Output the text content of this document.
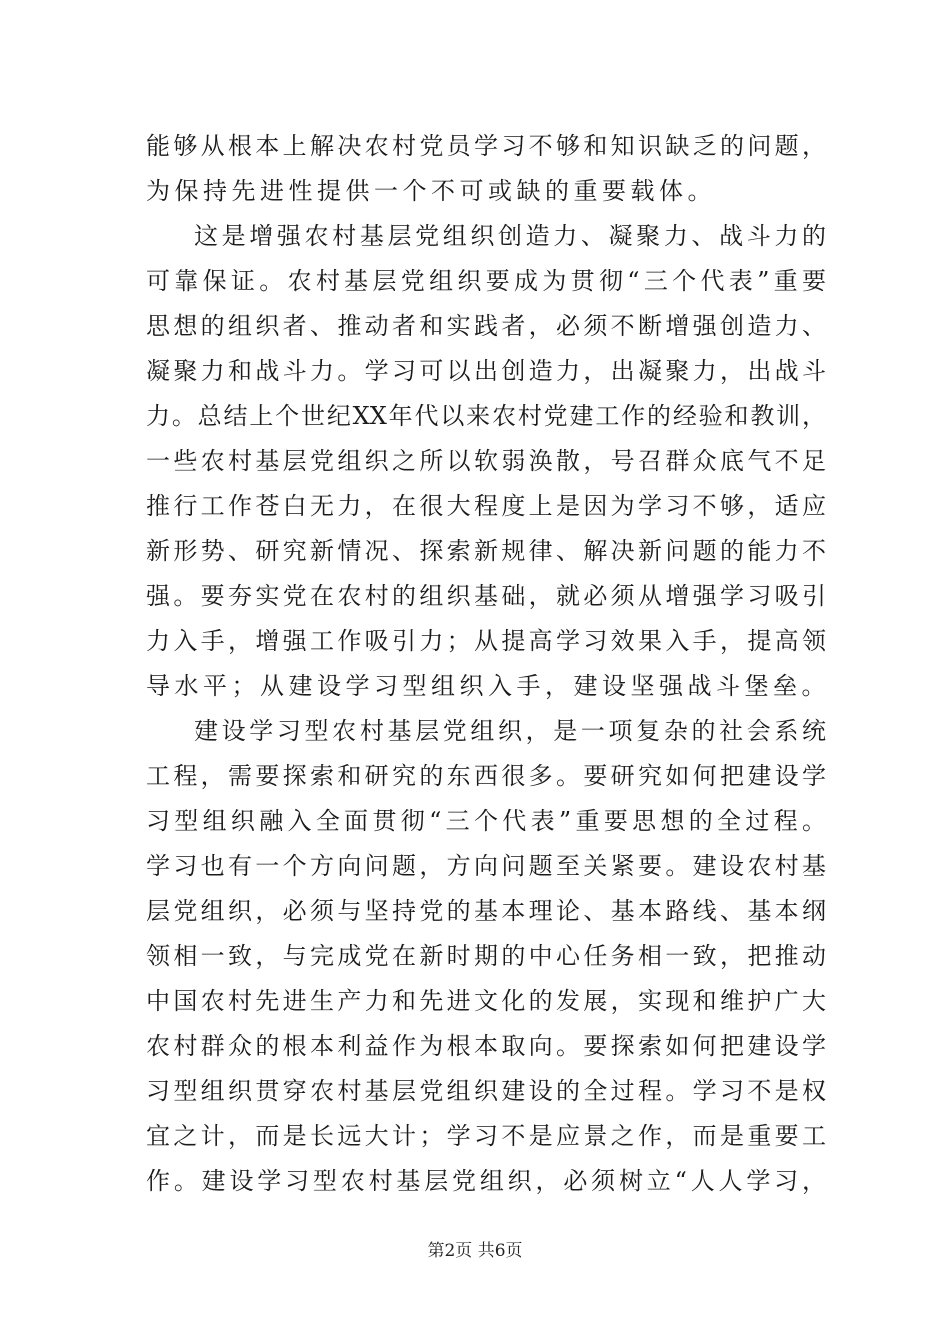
能够从根本上解决农村党员学习不够和知识缺乏的问题，
为保持先进性提供一个不可或缺的重要载体。
这是增强农村基层党组织创造力、凝聚力、战斗力的
可靠保证。农村基层党组织要成为贯彻“三个代表”重要
思想的组织者、推动者和实践者，必须不断增强创造力、
凝聚力和战斗力。学习可以出创造力，出凝聚力，出战斗
力。总结上个世纪XX年代以来农村党建工作的经验和教训，
一些农村基层党组织之所以软弱涣散，号召群众底气不足
推行工作苍白无力，在很大程度上是因为学习不够，适应
新形势、研究新情况、探索新规律、解决新问题的能力不
强。要夯实党在农村的组织基础，就必须从增强学习吸引
力入手，增强工作吸引力；从提高学习效果入手，提高领
导水平；从建设学习型组织入手，建设坚强战斗堡垒。
建设学习型农村基层党组织，是一项复杂的社会系统
工程，需要探索和研究的东西很多。要研究如何把建设学
习型组织融入全面贯彻“三个代表”重要思想的全过程。
学习也有一个方向问题，方向问题至关紧要。建设农村基
层党组织，必须与坚持党的基本理论、基本路线、基本纲
领相一致，与完成党在新时期的中心任务相一致，把推动
中国农村先进生产力和先进文化的发展，实现和维护广大
农村群众的根本利益作为根本取向。要探索如何把建设学
习型组织贯穿农村基层党组织建设的全过程。学习不是权
宜之计，而是长远大计；学习不是应景之作，而是重要工
作。建设学习型农村基层党组织，必须树立“人人学习，
第2页 共6页
